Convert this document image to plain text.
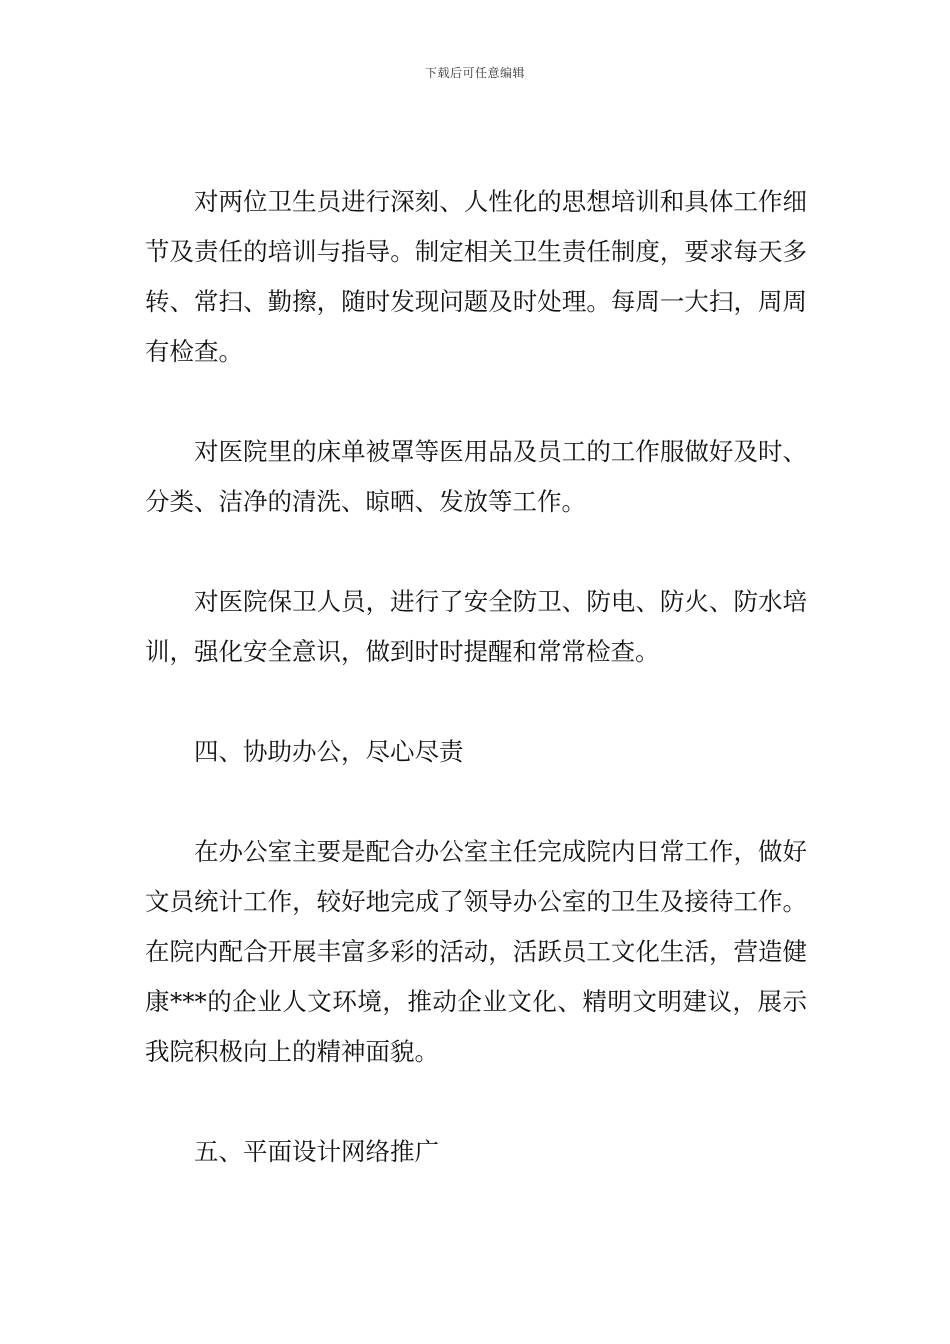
下载后可任意编辑

对两位卫生员进行深刻、人性化的思想培训和具体工作细节及责任的培训与指导。制定相关卫生责任制度，要求每天多转、常扫、勤擦，随时发现问题及时处理。每周一大扫，周周有检查。

对医院里的床单被罩等医用品及员工的工作服做好及时、分类、洁净的清洗、晾晒、发放等工作。

对医院保卫人员，进行了安全防卫、防电、防火、防水培训，强化安全意识，做到时时提醒和常常检查。

四、协助办公，尽心尽责

在办公室主要是配合办公室主任完成院内日常工作，做好文员统计工作，较好地完成了领导办公室的卫生及接待工作。在院内配合开展丰富多彩的活动，活跃员工文化生活，营造健康***的企业人文环境，推动企业文化、精明文明建议，展示我院积极向上的精神面貌。

五、平面设计网络推广
